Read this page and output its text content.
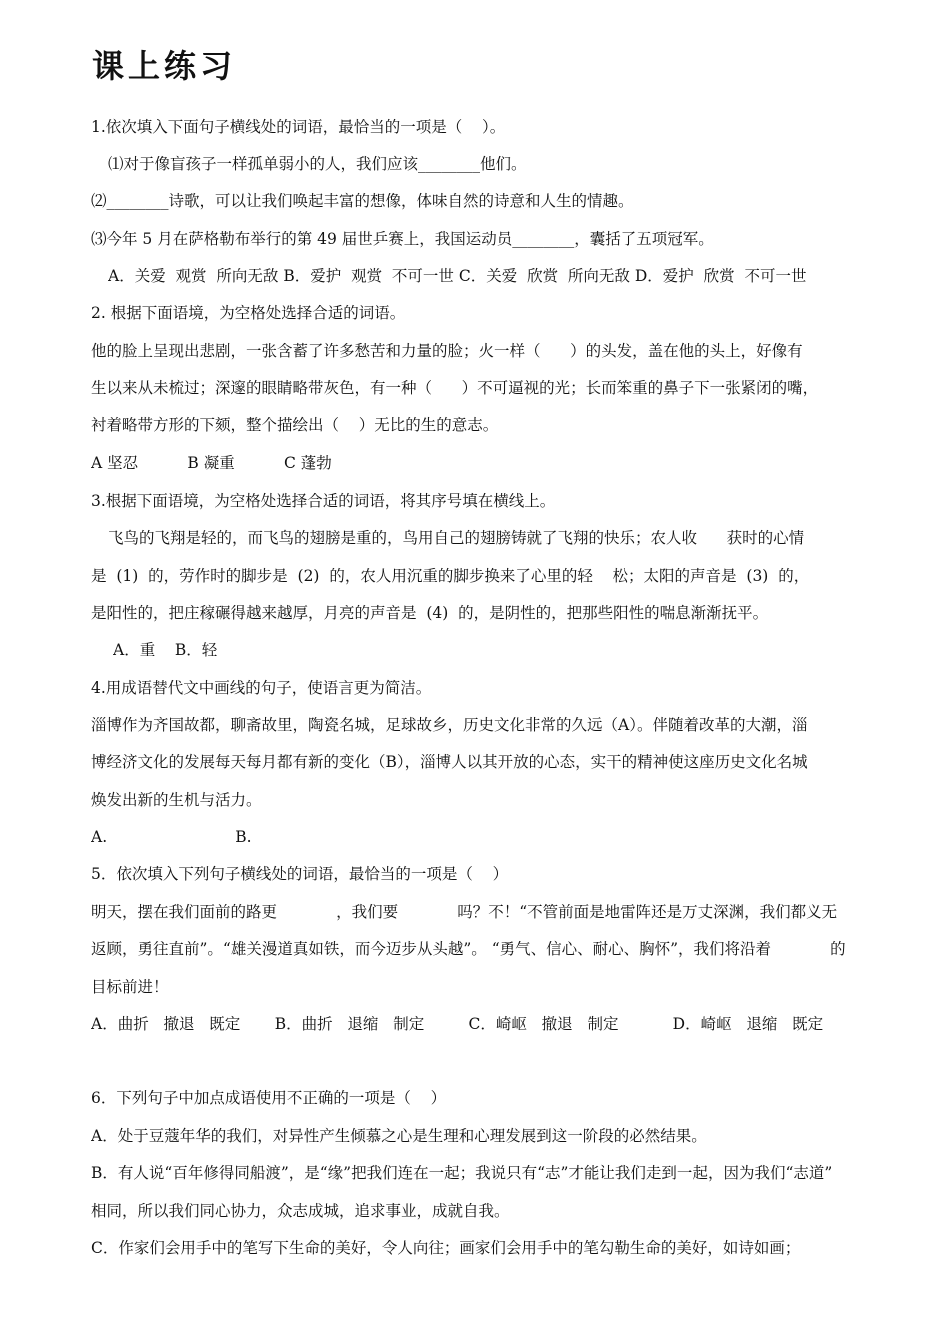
课上练习
1.依次填入下面句子横线处的词语，最恰当的一项是（    ）。
⑴对于像盲孩子一样孤单弱小的人，我们应该________他们。
⑵________诗歌，可以让我们唤起丰富的想像，体味自然的诗意和人生的情趣。
⑶今年 5 月在萨格勒布举行的第 49 届世乒赛上，我国运动员________，囊括了五项冠军。
A．关爱  观赏  所向无敌 B．爱护  观赏  不可一世 C．关爱  欣赏  所向无敌 D．爱护  欣赏  不可一世
2. 根据下面语境，为空格处选择合适的词语。
他的脸上呈现出悲剧，一张含蓄了许多愁苦和力量的脸；火一样（      ）的头发，盖在他的头上，好像有
生以来从未梳过；深邃的眼睛略带灰色，有一种（      ）不可逼视的光；长而笨重的鼻子下一张紧闭的嘴，
衬着略带方形的下颏，整个描绘出（    ）无比的生的意志。
A 坚忍          B 凝重          C 蓬勃
3.根据下面语境，为空格处选择合适的词语，将其序号填在横线上。
飞鸟的飞翔是轻的，而飞鸟的翅膀是重的，鸟用自己的翅膀铸就了飞翔的快乐；农人收      获时的心情
是  (1)  的，劳作时的脚步是  (2)  的，农人用沉重的脚步换来了心里的轻    松；太阳的声音是  (3)  的，
是阳性的，把庄稼碾得越来越厚，月亮的声音是  (4)  的，是阴性的，把那些阳性的喘息渐渐抚平。
A．重    B．轻
4.用成语替代文中画线的句子，使语言更为简洁。
淄博作为齐国故都，聊斋故里，陶瓷名城，足球故乡，历史文化非常的久远（A）。伴随着改革的大潮，淄
博经济文化的发展每天每月都有新的变化（B），淄博人以其开放的心态，实干的精神使这座历史文化名城
焕发出新的生机与活力。
A.                          B.
5．依次填入下列句子横线处的词语，最恰当的一项是（    ）
明天，摆在我们面前的路更            ，我们要            吗？不！“不管前面是地雷阵还是万丈深渊，我们都义无
返顾，勇往直前”。“雄关漫道真如铁，而今迈步从头越”。 “勇气、信心、耐心、胸怀”，我们将沿着            的
目标前进！
A．曲折   撤退   既定       B．曲折   退缩   制定         C．崎岖   撤退   制定           D．崎岖   退缩   既定
6．下列句子中加点成语使用不正确的一项是（    ）
A．处于豆蔻年华的我们，对异性产生倾慕之心是生理和心理发展到这一阶段的必然结果。
B．有人说“百年修得同船渡”，是“缘”把我们连在一起；我说只有“志”才能让我们走到一起，因为我们“志道”
相同，所以我们同心协力，众志成城，追求事业，成就自我。
C．作家们会用手中的笔写下生命的美好，令人向往；画家们会用手中的笔勾勒生命的美好，如诗如画；
